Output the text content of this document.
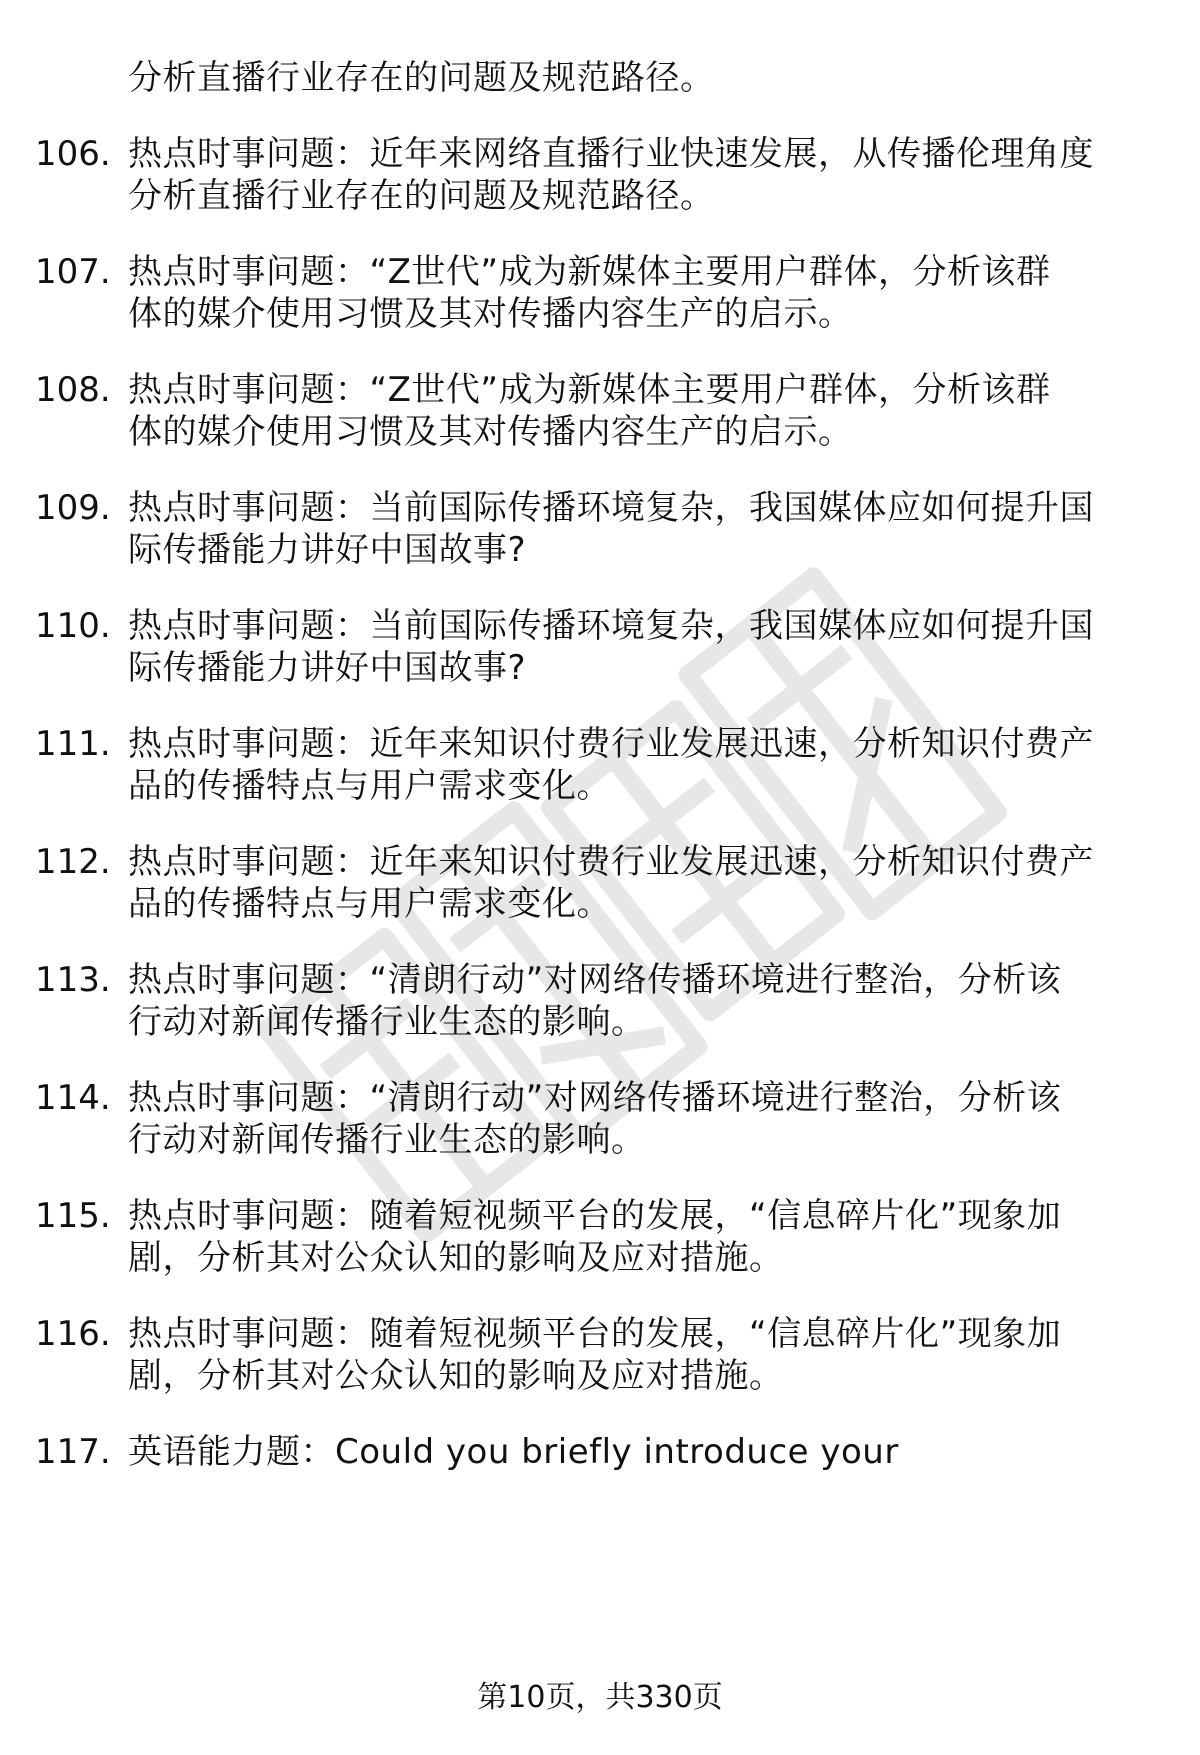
分析直播行业存在的问题及规范路径。
106. 热点时事问题：近年来网络直播行业快速发展，从传播伦理角度
分析直播行业存在的问题及规范路径。
107. 热点时事问题：“Z世代”成为新媒体主要用户群体，分析该群
体的媒介使用习惯及其对传播内容生产的启示。
108. 热点时事问题：“Z世代”成为新媒体主要用户群体，分析该群
体的媒介使用习惯及其对传播内容生产的启示。
109. 热点时事问题：当前国际传播环境复杂，我国媒体应如何提升国
际传播能力讲好中国故事?
110. 热点时事问题：当前国际传播环境复杂，我国媒体应如何提升国
际传播能力讲好中国故事?
111. 热点时事问题：近年来知识付费行业发展迅速，分析知识付费产
品的传播特点与用户需求变化。
112. 热点时事问题：近年来知识付费行业发展迅速，分析知识付费产
品的传播特点与用户需求变化。
113. 热点时事问题：“清朗行动”对网络传播环境进行整治，分析该
行动对新闻传播行业生态的影响。
114. 热点时事问题：“清朗行动”对网络传播环境进行整治，分析该
行动对新闻传播行业生态的影响。
115. 热点时事问题：随着短视频平台的发展，“信息碎片化”现象加
剧，分析其对公众认知的影响及应对措施。
116. 热点时事问题：随着短视频平台的发展，“信息碎片化”现象加
剧，分析其对公众认知的影响及应对措施。
117. 英语能力题：Could you briefly introduce your
第10页，共330页
